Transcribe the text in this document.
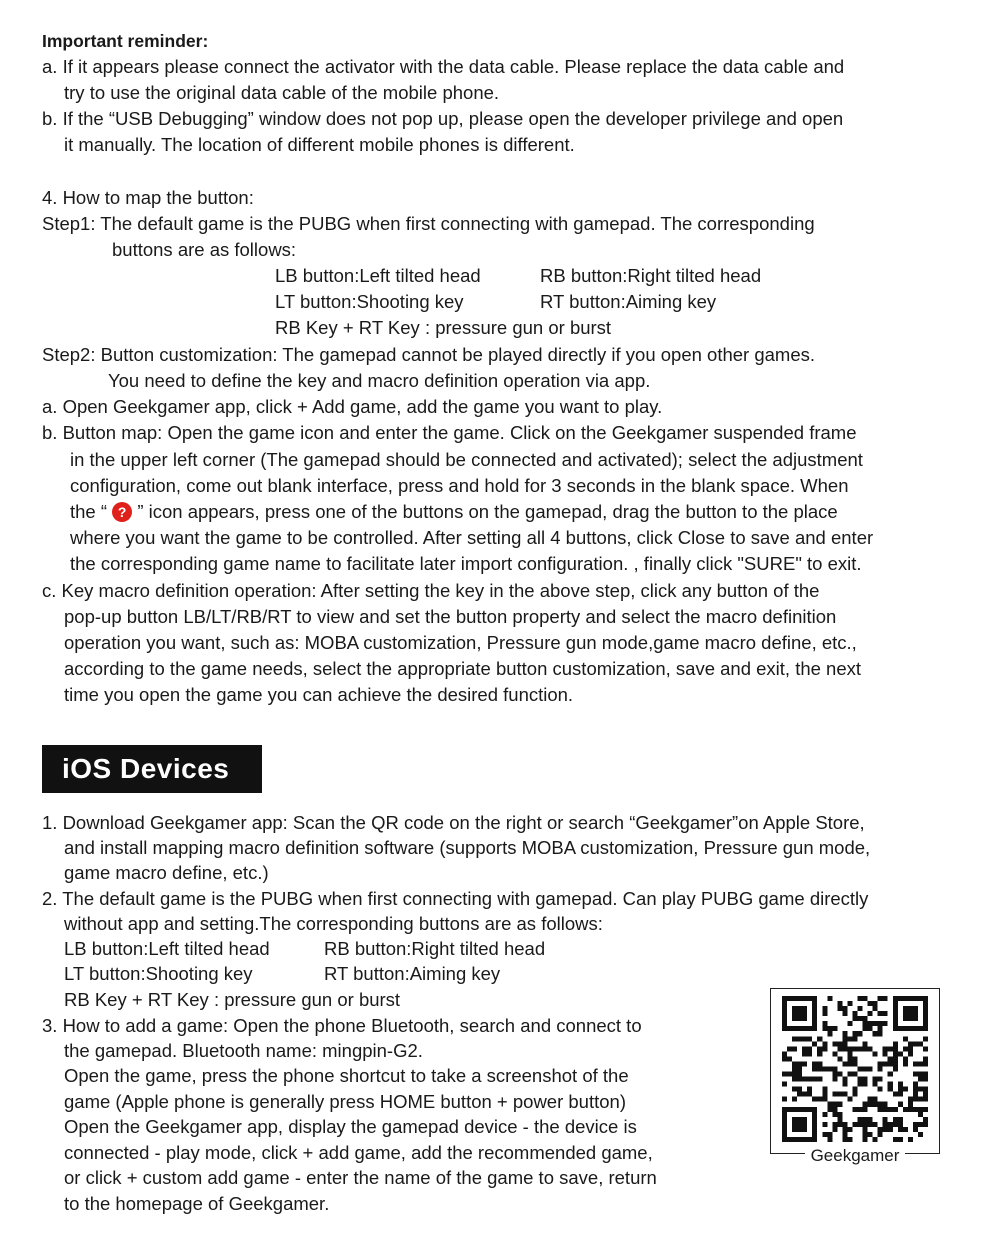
Important reminder:
a. If it appears please connect the activator with the data cable. Please replace the data cable and
try to use the original data cable of the mobile phone.
b. If the “USB Debugging” window does not pop up, please open the developer privilege and open
it manually. The location of different mobile phones is different.
4. How to map the button:
Step1: The default game is the PUBG when first connecting with gamepad. The corresponding
buttons are as follows:
LB button:Left tilted head	RB button:Right tilted head
LT button:Shooting key	RT button:Aiming key
RB Key + RT Key : pressure gun or burst
Step2: Button customization: The gamepad cannot be played directly if you open other games.
You need to define the key and macro definition operation via app.
a. Open Geekgamer app, click + Add game, add the game you want to play.
b. Button map: Open the game icon and enter the game. Click on the Geekgamer suspended frame
in the upper left corner (The gamepad should be connected and activated); select the adjustment
configuration, come out blank interface, press and hold for 3 seconds in the blank space. When
the “ ? ” icon appears, press one of the buttons on the gamepad, drag the button to the place
where you want the game to be controlled. After setting all 4 buttons, click Close to save and enter
the corresponding game name to facilitate later import configuration. , finally click "SURE" to exit.
c. Key macro definition operation: After setting the key in the above step, click any button of the
pop-up button LB/LT/RB/RT to view and set the button property and select the macro definition
operation you want, such as: MOBA customization, Pressure gun mode,game macro define, etc.,
according to the game needs, select the appropriate button customization, save and exit, the next
time you open the game you can achieve the desired function.
iOS Devices
1. Download Geekgamer app: Scan the QR code on the right or search “Geekgamer”on Apple Store,
and install mapping macro definition software (supports MOBA customization, Pressure gun mode,
game macro define, etc.)
2. The default game is the PUBG when first connecting with gamepad. Can play PUBG game directly
without app and setting.The corresponding buttons are as follows:
LB button:Left tilted head	RB button:Right tilted head
LT button:Shooting key	RT button:Aiming key
RB Key + RT Key : pressure gun or burst
3. How to add a game: Open the phone Bluetooth, search and connect to
the gamepad. Bluetooth name: mingpin-G2.
Open the game, press the phone shortcut to take a screenshot of the
game (Apple phone is generally press HOME button + power button)
Open the Geekgamer app, display the gamepad device - the device is
connected - play mode, click + add game, add the recommended game,
or click + custom add game - enter the name of the game to save, return
to the homepage of Geekgamer.
Geekgamer
